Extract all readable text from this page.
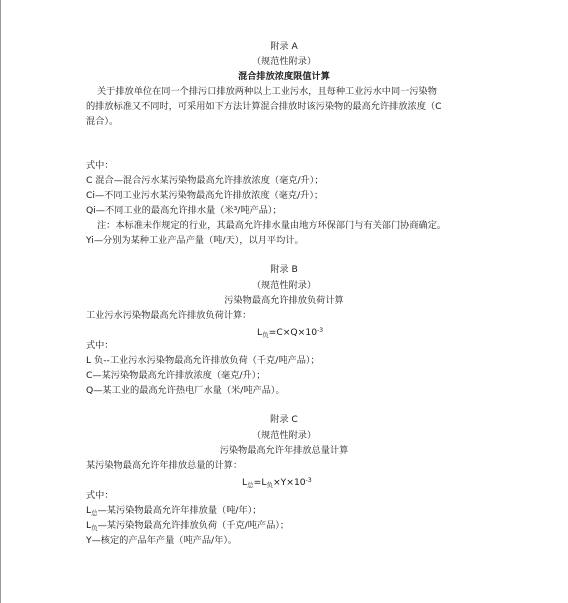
附录 A
（规范性附录）
混合排放浓度限值计算
关于排放单位在同一个排污口排放两种以上工业污水，且每种工业污水中同一污染物
的排放标准又不同时，可采用如下方法计算混合排放时该污染物的最高允许排放浓度（C
混合）。
式中：
C 混合—混合污水某污染物最高允许排放浓度（毫克/升）；
Ci—不同工业污水某污染物最高允许排放浓度（毫克/升）；
Qi—不同工业的最高允许排水量（米³/吨产品）；
注：本标准未作规定的行业，其最高允许排水量由地方环保部门与有关部门协商确定。
Yi—分别为某种工业产品产量（吨/天），以月平均计。
附录 B
（规范性附录）
污染物最高允许排放负荷计算
工业污水污染物最高允许排放负荷计算：
$L_负=C\times Q\times 10^{-3}$
式中：
L 负--工业污水污染物最高允许排放负荷（千克/吨产品）；
C—某污染物最高允许排放浓度（毫克/升）；
Q—某工业的最高允许热电厂水量（米/吨产品）。
附录 C
（规范性附录）
污染物最高允许年排放总量计算
某污染物最高允许年排放总量的计算：
$L_总=L_负\times Y\times 10^{-3}$
式中：
$L_总—$某污染物最高允许年排放量（吨/年）；
$L_负—$某污染物最高允许排放负荷（千克/吨产品）；
Y—核定的产品年产量（吨产品/年）。
